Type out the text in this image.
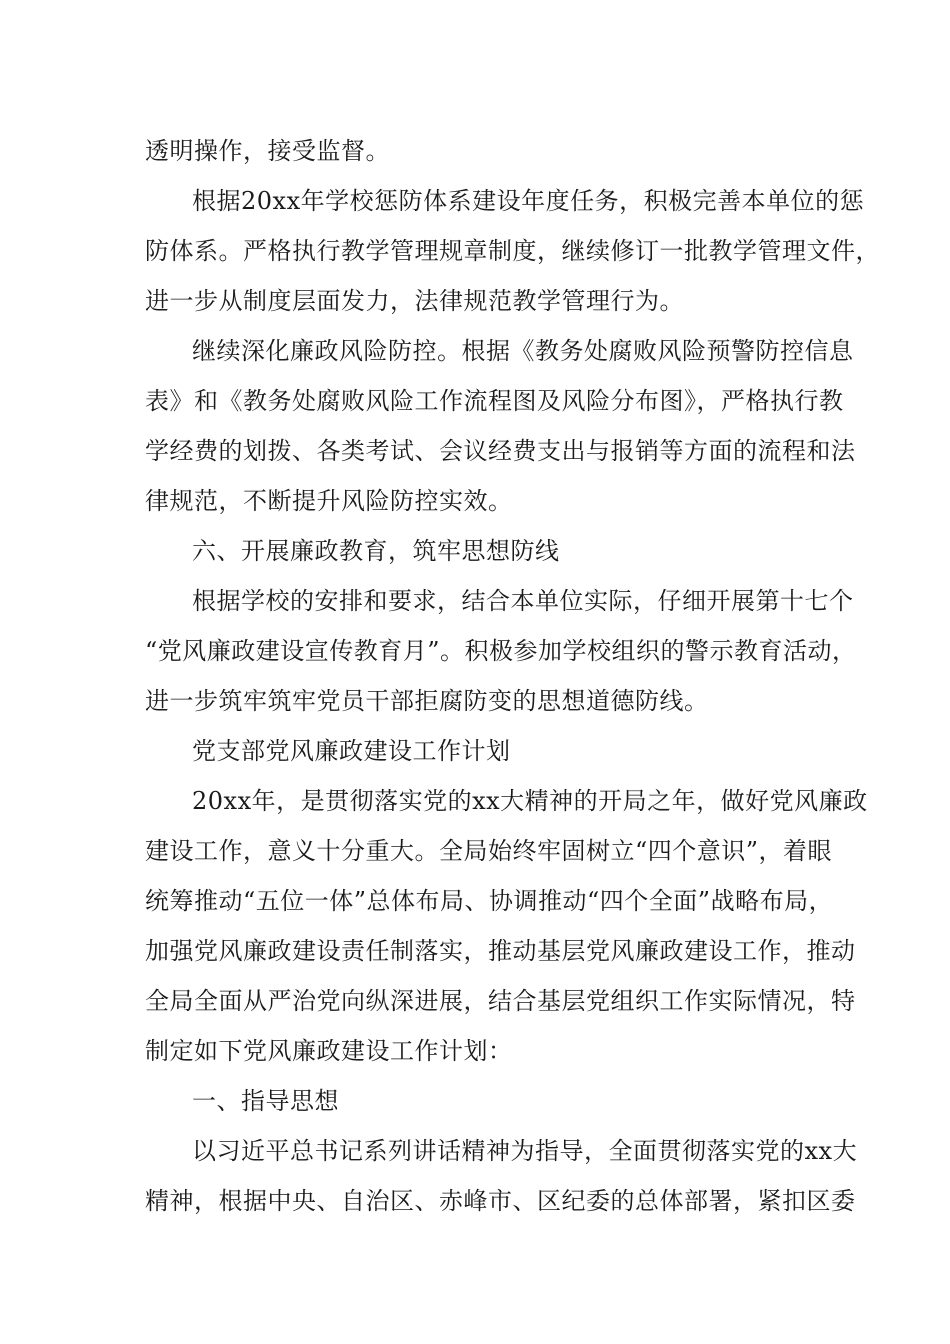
透明操作，接受监督。
根据20xx年学校惩防体系建设年度任务，积极完善本单位的惩
防体系。严格执行教学管理规章制度，继续修订一批教学管理文件，
进一步从制度层面发力，法律规范教学管理行为。
继续深化廉政风险防控。根据《教务处腐败风险预警防控信息
表》和《教务处腐败风险工作流程图及风险分布图》，严格执行教
学经费的划拨、各类考试、会议经费支出与报销等方面的流程和法
律规范，不断提升风险防控实效。
六、开展廉政教育，筑牢思想防线
根据学校的安排和要求，结合本单位实际，仔细开展第十七个
“党风廉政建设宣传教育月”。积极参加学校组织的警示教育活动，
进一步筑牢筑牢党员干部拒腐防变的思想道德防线。
党支部党风廉政建设工作计划
20xx年，是贯彻落实党的xx大精神的开局之年，做好党风廉政
建设工作，意义十分重大。全局始终牢固树立“四个意识”，着眼
统筹推动“五位一体”总体布局、协调推动“四个全面”战略布局，
加强党风廉政建设责任制落实，推动基层党风廉政建设工作，推动
全局全面从严治党向纵深进展，结合基层党组织工作实际情况，特
制定如下党风廉政建设工作计划：
一、指导思想
以习近平总书记系列讲话精神为指导，全面贯彻落实党的xx大
精神，根据中央、自治区、赤峰市、区纪委的总体部署，紧扣区委
